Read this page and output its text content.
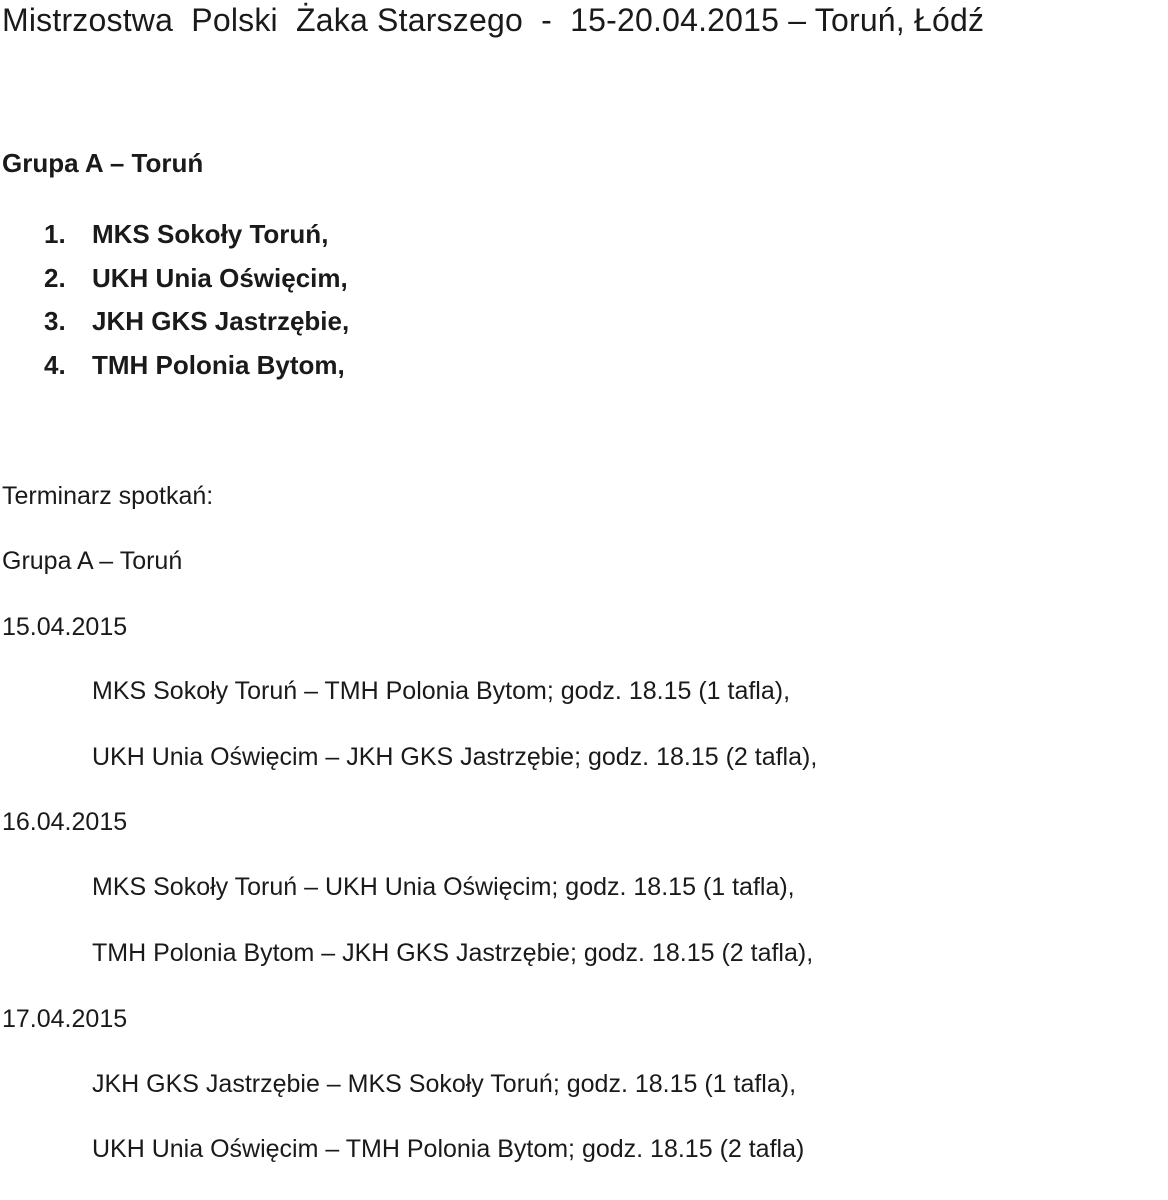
Mistrzostwa  Polski  Żaka Starszego  -  15-20.04.2015 – Toruń, Łódź
Grupa A – Toruń
1. MKS Sokoły Toruń,
2. UKH Unia Oświęcim,
3. JKH GKS Jastrzębie,
4. TMH Polonia Bytom,
Terminarz spotkań:
Grupa A – Toruń
15.04.2015
MKS Sokoły Toruń – TMH Polonia Bytom; godz. 18.15 (1 tafla),
UKH Unia Oświęcim – JKH GKS Jastrzębie; godz. 18.15 (2 tafla),
16.04.2015
MKS Sokoły Toruń – UKH Unia Oświęcim; godz. 18.15 (1 tafla),
TMH Polonia Bytom – JKH GKS Jastrzębie; godz. 18.15 (2 tafla),
17.04.2015
JKH GKS Jastrzębie – MKS Sokoły Toruń; godz. 18.15 (1 tafla),
UKH Unia Oświęcim – TMH Polonia Bytom; godz. 18.15 (2 tafla)
